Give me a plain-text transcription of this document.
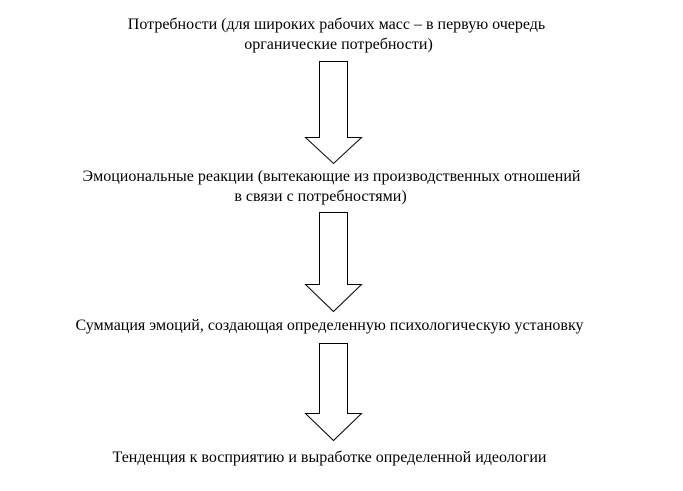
Потребности (для широких рабочих масс – в первую очередь
органические потребности)
Эмоциональные реакции (вытекающие из производственных отношений
в связи с потребностями)
Суммация эмоций, создающая определенную психологическую установку
Тенденция к восприятию и выработке определенной идеологии
